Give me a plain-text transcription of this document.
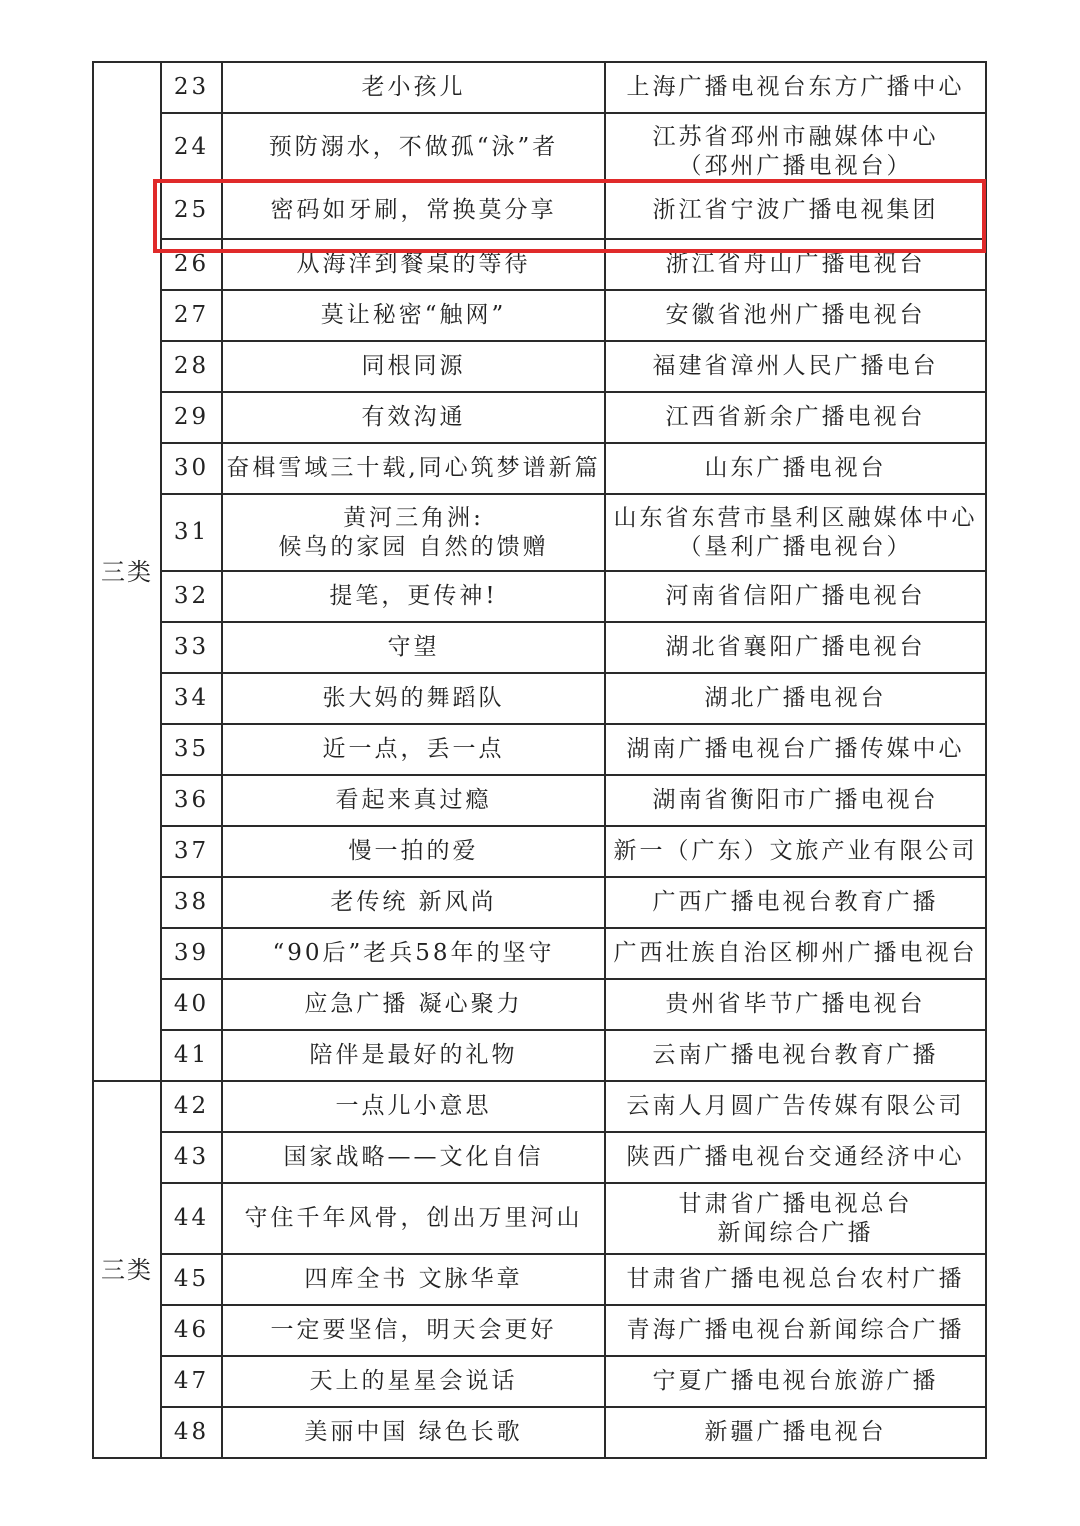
三类	23	老小孩儿	上海广播电视台东方广播中心

	24	预防溺水，不做孤“泳”者	江苏省邳州市融媒体中心
（邳州广播电视台）

	25	密码如牙刷，常换莫分享	浙江省宁波广播电视集团

	26	从海洋到餐桌的等待	浙江省舟山广播电视台

	27	莫让秘密“触网”	安徽省池州广播电视台

	28	同根同源	福建省漳州人民广播电台

	29	有效沟通	江西省新余广播电视台

	30	奋楫雪域三十载,同心筑梦谱新篇	山东广播电视台

	31	黄河三角洲:
候鸟的家园 自然的馈赠	山东省东营市垦利区融媒体中心
（垦利广播电视台）

	32	提笔，更传神!	河南省信阳广播电视台

	33	守望	湖北省襄阳广播电视台

	34	张大妈的舞蹈队	湖北广播电视台

	35	近一点，丢一点	湖南广播电视台广播传媒中心

	36	看起来真过瘾	湖南省衡阳市广播电视台

	37	慢一拍的爱	新一（广东）文旅产业有限公司

	38	老传统 新风尚	广西广播电视台教育广播

	39	“90后”老兵58年的坚守	广西壮族自治区柳州广播电视台

	40	应急广播 凝心聚力	贵州省毕节广播电视台

	41	陪伴是最好的礼物	云南广播电视台教育广播

三类	42	一点儿小意思	云南人月圆广告传媒有限公司

	43	国家战略——文化自信	陕西广播电视台交通经济中心

	44	守住千年风骨，创出万里河山	甘肃省广播电视总台
新闻综合广播

	45	四库全书 文脉华章	甘肃省广播电视总台农村广播

	46	一定要坚信，明天会更好	青海广播电视台新闻综合广播

	47	天上的星星会说话	宁夏广播电视台旅游广播

	48	美丽中国 绿色长歌	新疆广播电视台
